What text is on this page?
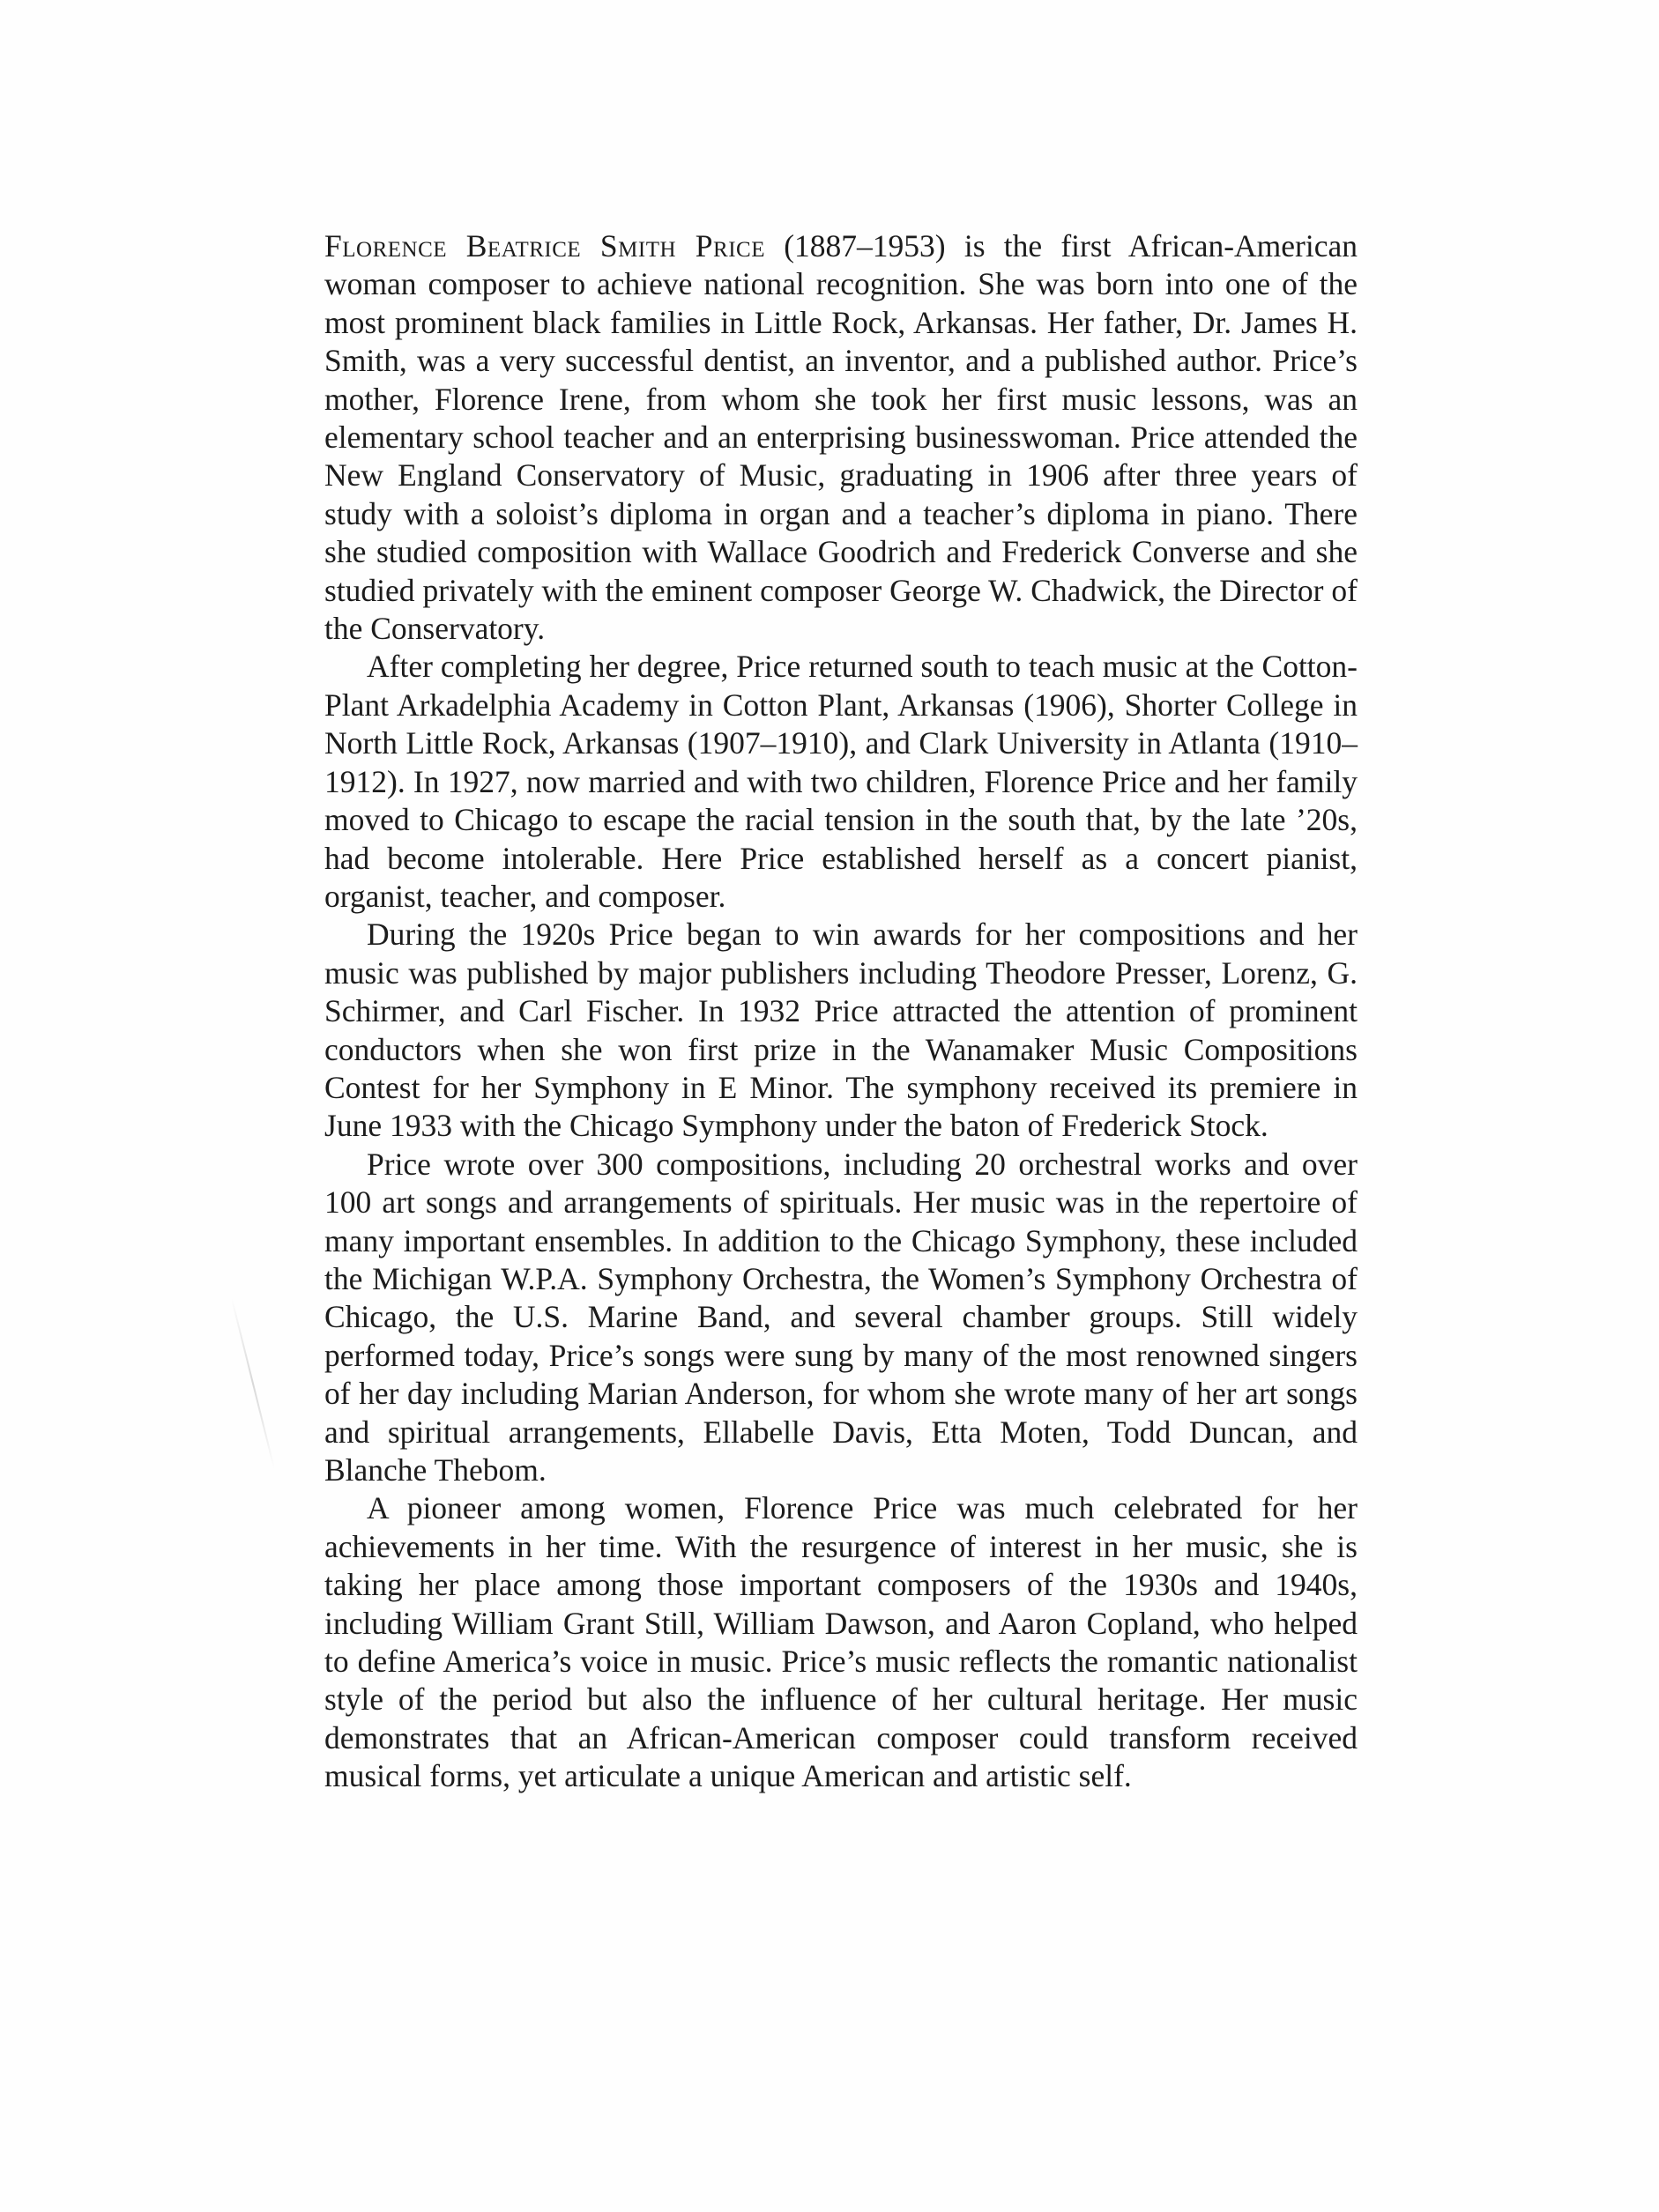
Florence Beatrice Smith Price (1887–1953) is the first African-American woman composer to achieve national recognition. She was born into one of the most prominent black families in Little Rock, Arkansas. Her father, Dr. James H. Smith, was a very successful dentist, an inventor, and a published author. Price’s mother, Florence Irene, from whom she took her first music lessons, was an elementary school teacher and an enterprising businesswoman. Price attended the New England Conservatory of Music, graduating in 1906 after three years of study with a soloist’s diploma in organ and a teacher’s diploma in piano. There she studied composition with Wallace Goodrich and Frederick Converse and she studied privately with the eminent composer George W. Chadwick, the Director of the Conservatory.

After completing her degree, Price returned south to teach music at the Cotton-Plant Arkadelphia Academy in Cotton Plant, Arkansas (1906), Shorter College in North Little Rock, Arkansas (1907–1910), and Clark University in Atlanta (1910–1912). In 1927, now married and with two children, Florence Price and her family moved to Chicago to escape the racial tension in the south that, by the late ’20s, had become intolerable. Here Price established herself as a concert pianist, organist, teacher, and composer.

During the 1920s Price began to win awards for her compositions and her music was published by major publishers including Theodore Presser, Lorenz, G. Schirmer, and Carl Fischer. In 1932 Price attracted the attention of prominent conductors when she won first prize in the Wanamaker Music Compositions Contest for her Symphony in E Minor. The symphony received its premiere in June 1933 with the Chicago Symphony under the baton of Frederick Stock.

Price wrote over 300 compositions, including 20 orchestral works and over 100 art songs and arrangements of spirituals. Her music was in the repertoire of many important ensembles. In addition to the Chicago Symphony, these included the Michigan W.P.A. Symphony Orchestra, the Women’s Symphony Orchestra of Chicago, the U.S. Marine Band, and several chamber groups. Still widely performed today, Price’s songs were sung by many of the most renowned singers of her day including Marian Anderson, for whom she wrote many of her art songs and spiritual arrangements, Ellabelle Davis, Etta Moten, Todd Duncan, and Blanche Thebom.

A pioneer among women, Florence Price was much celebrated for her achievements in her time. With the resurgence of interest in her music, she is taking her place among those important composers of the 1930s and 1940s, including William Grant Still, William Dawson, and Aaron Copland, who helped to define America’s voice in music. Price’s music reflects the romantic nationalist style of the period but also the influence of her cultural heritage. Her music demonstrates that an African-American composer could transform received musical forms, yet articulate a unique American and artistic self.
